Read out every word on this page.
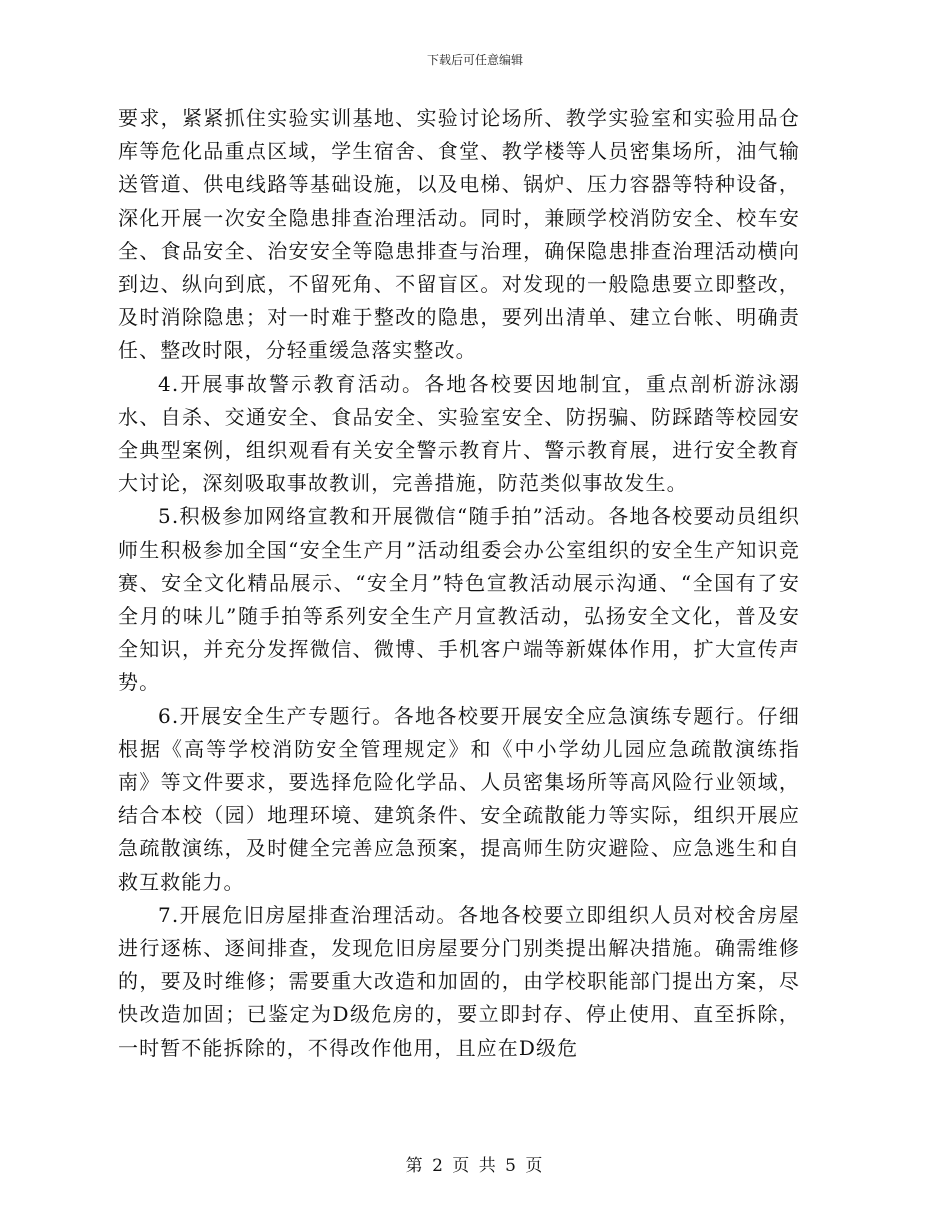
下载后可任意编辑

要求，紧紧抓住实验实训基地、实验讨论场所、教学实验室和实验用品仓库等危化品重点区域，学生宿舍、食堂、教学楼等人员密集场所，油气输送管道、供电线路等基础设施，以及电梯、锅炉、压力容器等特种设备，深化开展一次安全隐患排查治理活动。同时，兼顾学校消防安全、校车安全、食品安全、治安安全等隐患排查与治理，确保隐患排查治理活动横向到边、纵向到底，不留死角、不留盲区。对发现的一般隐患要立即整改，及时消除隐患；对一时难于整改的隐患，要列出清单、建立台帐、明确责任、整改时限，分轻重缓急落实整改。

4.开展事故警示教育活动。各地各校要因地制宜，重点剖析游泳溺水、自杀、交通安全、食品安全、实验室安全、防拐骗、防踩踏等校园安全典型案例，组织观看有关安全警示教育片、警示教育展，进行安全教育大讨论，深刻吸取事故教训，完善措施，防范类似事故发生。

5.积极参加网络宣教和开展微信“随手拍”活动。各地各校要动员组织师生积极参加全国“安全生产月”活动组委会办公室组织的安全生产知识竞赛、安全文化精品展示、“安全月”特色宣教活动展示沟通、“全国有了安全月的味儿”随手拍等系列安全生产月宣教活动，弘扬安全文化，普及安全知识，并充分发挥微信、微博、手机客户端等新媒体作用，扩大宣传声势。

6.开展安全生产专题行。各地各校要开展安全应急演练专题行。仔细根据《高等学校消防安全管理规定》和《中小学幼儿园应急疏散演练指南》等文件要求，要选择危险化学品、人员密集场所等高风险行业领域，结合本校（园）地理环境、建筑条件、安全疏散能力等实际，组织开展应急疏散演练，及时健全完善应急预案，提高师生防灾避险、应急逃生和自救互救能力。

7.开展危旧房屋排查治理活动。各地各校要立即组织人员对校舍房屋进行逐栋、逐间排查，发现危旧房屋要分门别类提出解决措施。确需维修的，要及时维修；需要重大改造和加固的，由学校职能部门提出方案，尽快改造加固；已鉴定为D级危房的，要立即封存、停止使用、直至拆除，一时暂不能拆除的，不得改作他用，且应在D级危

第 2 页 共 5 页
